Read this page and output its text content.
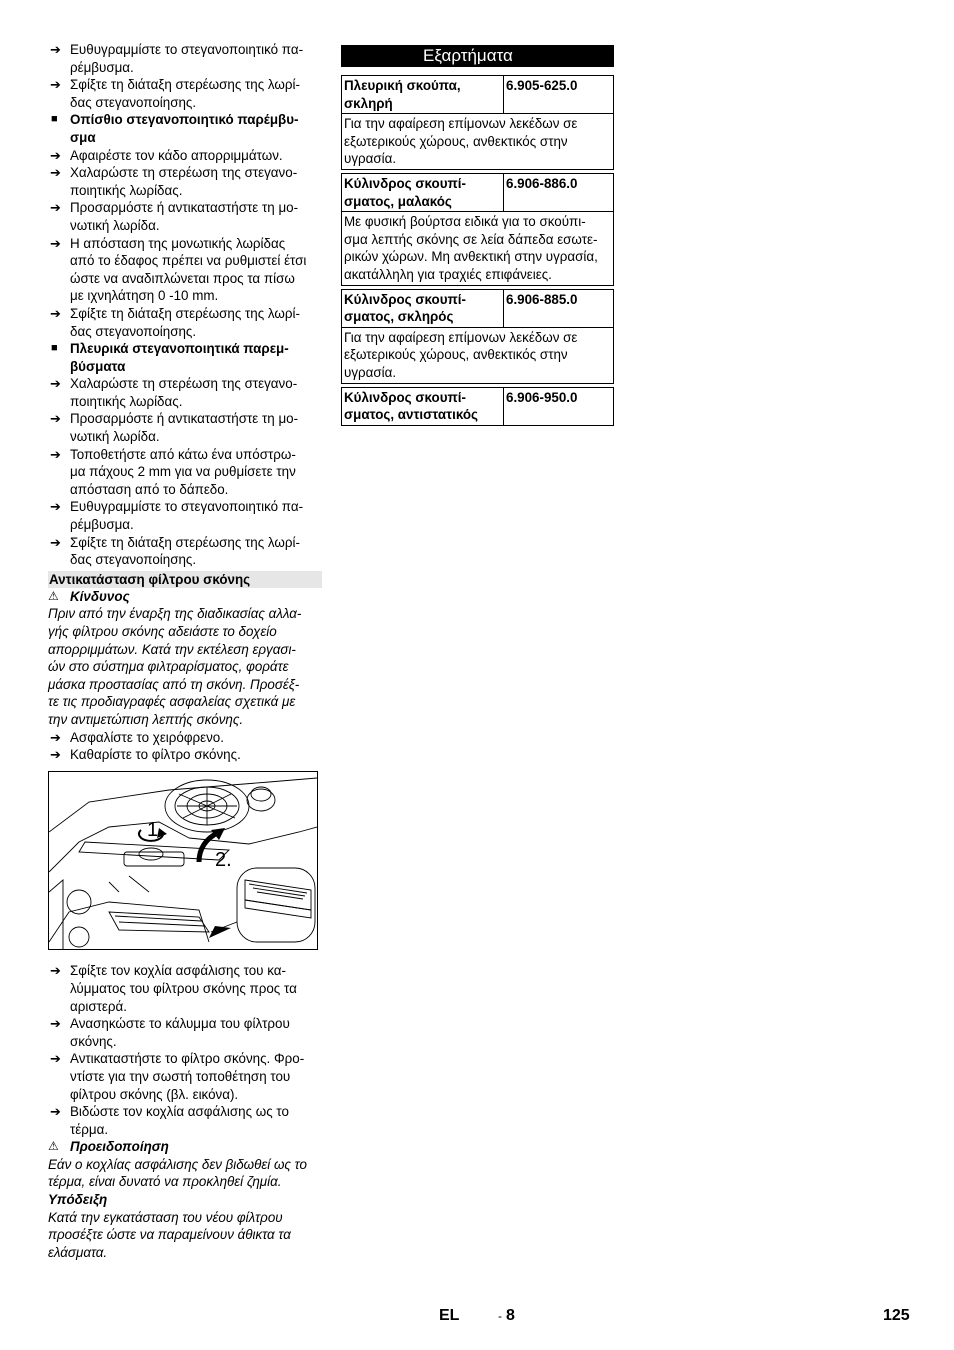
➔ Ευθυγραμμίστε το στεγανοποιητικό πα-
ρέμβυσμα.
➔ Σφίξτε τη διάταξη στερέωσης της λωρί-
δας στεγανοποίησης.
■ Οπίσθιο στεγανοποιητικό παρέμβυ-
σμα
➔ Αφαιρέστε τον κάδο απορριμμάτων.
➔ Χαλαρώστε τη στερέωση της στεγανο-
ποιητικής λωρίδας.
➔ Προσαρμόστε ή αντικαταστήστε τη μο-
νωτική λωρίδα.
➔ Η απόσταση της μονωτικής λωρίδας
από το έδαφος πρέπει να ρυθμιστεί έτσι
ώστε να αναδιπλώνεται προς τα πίσω
με ιχνηλάτηση 0 -10 mm.
➔ Σφίξτε τη διάταξη στερέωσης της λωρί-
δας στεγανοποίησης.
■ Πλευρικά στεγανοποιητικά παρεμ-
βύσματα
➔ Χαλαρώστε τη στερέωση της στεγανο-
ποιητικής λωρίδας.
➔ Προσαρμόστε ή αντικαταστήστε τη μο-
νωτική λωρίδα.
➔ Τοποθετήστε από κάτω ένα υπόστρω-
μα πάχους 2 mm για να ρυθμίσετε την
απόσταση από το δάπεδο.
➔ Ευθυγραμμίστε το στεγανοποιητικό πα-
ρέμβυσμα.
➔ Σφίξτε τη διάταξη στερέωσης της λωρί-
δας στεγανοποίησης.
Αντικατάσταση φίλτρου σκόνης
⚠ Κίνδυνος
Πριν από την έναρξη της διαδικασίας αλλα-
γής φίλτρου σκόνης αδειάστε το δοχείο
απορριμμάτων. Κατά την εκτέλεση εργασι-
ών στο σύστημα φιλτραρίσματος, φοράτε
μάσκα προστασίας από τη σκόνη. Προσέξ-
τε τις προδιαγραφές ασφαλείας σχετικά με
την αντιμετώπιση λεπτής σκόνης.
➔ Ασφαλίστε το χειρόφρενο.
➔ Καθαρίστε το φίλτρο σκόνης.
1.
2.
➔ Σφίξτε τον κοχλία ασφάλισης του κα-
λύμματος του φίλτρου σκόνης προς τα
αριστερά.
➔ Ανασηκώστε το κάλυμμα του φίλτρου
σκόνης.
➔ Αντικαταστήστε το φίλτρο σκόνης. Φρο-
ντίστε για την σωστή τοποθέτηση του
φίλτρου σκόνης (βλ. εικόνα).
➔ Βιδώστε τον κοχλία ασφάλισης ως το
τέρμα.
⚠ Προειδοποίηση
Εάν ο κοχλίας ασφάλισης δεν βιδωθεί ως το
τέρμα, είναι δυνατό να προκληθεί ζημία.
Υπόδειξη
Κατά την εγκατάσταση του νέου φίλτρου
προσέξτε ώστε να παραμείνουν άθικτα τα
ελάσματα.
Εξαρτήματα
Πλευρική σκούπα,
σκληρή
6.905-625.0
Για την αφαίρεση επίμονων λεκέδων σε
εξωτερικούς χώρους, ανθεκτικός στην
υγρασία.
Κύλινδρος σκουπί-
σματος, μαλακός
6.906-886.0
Με φυσική βούρτσα ειδικά για το σκούπι-
σμα λεπτής σκόνης σε λεία δάπεδα εσωτε-
ρικών χώρων. Μη ανθεκτική στην υγρασία,
ακατάλληλη για τραχιές επιφάνειες.
Κύλινδρος σκουπί-
σματος, σκληρός
6.906-885.0
Για την αφαίρεση επίμονων λεκέδων σε
εξωτερικούς χώρους, ανθεκτικός στην
υγρασία.
Κύλινδρος σκουπί-
σματος, αντιστατικός
6.906-950.0
EL	- 8	125
